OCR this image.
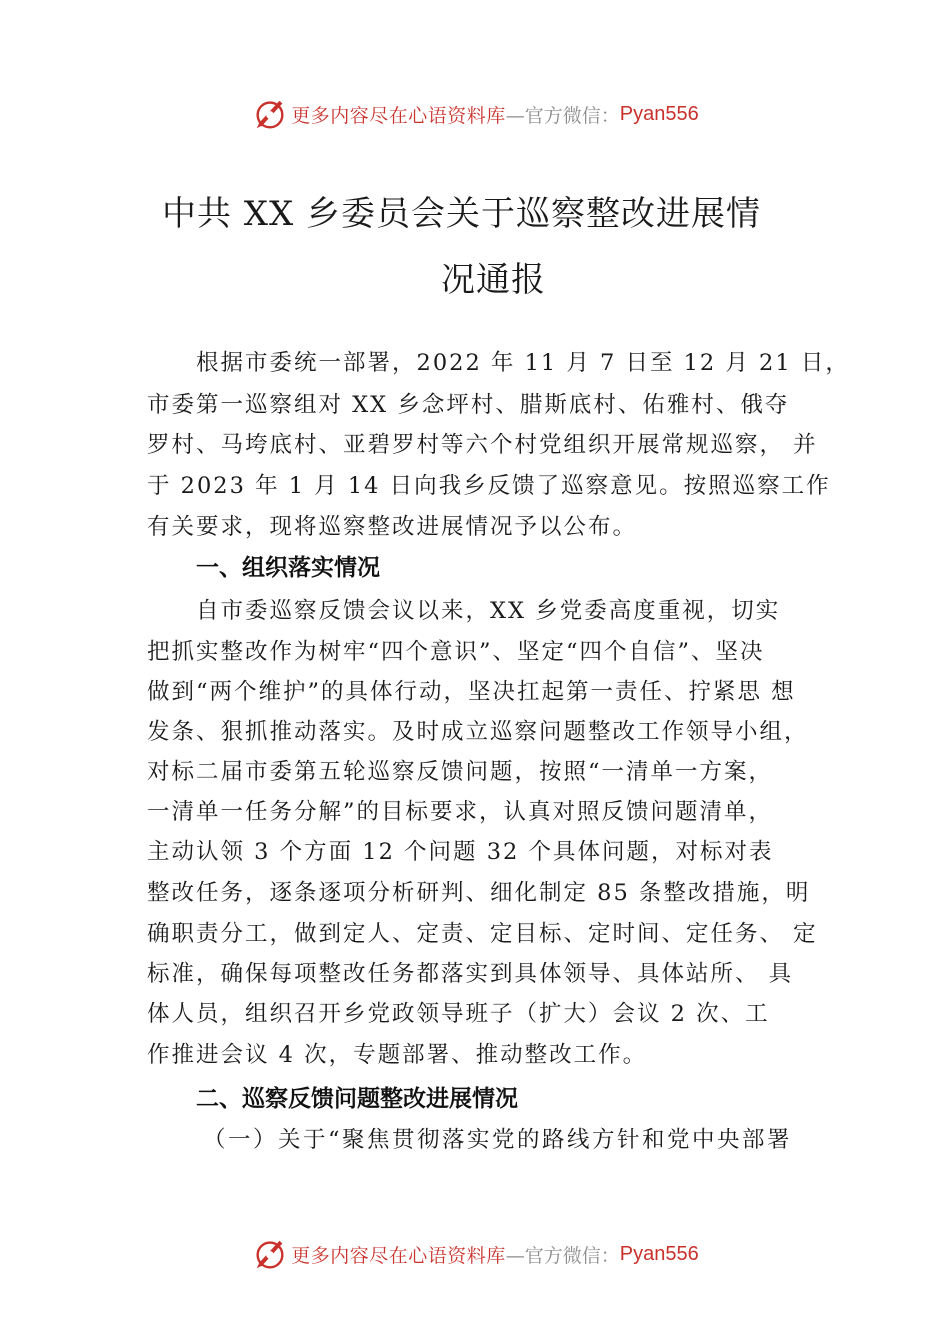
更多内容尽在心语资料库 —官方微信： Pyan556
中共 XX 乡委员会关于巡察整改进展情
况通报
根据市委统一部署，2022 年 11 月 7 日至 12 月 21 日，
市委第一巡察组对 XX 乡念坪村、腊斯底村、佑雅村、俄夺
罗村、马垮底村、亚碧罗村等六个村党组织开展常规巡察， 并
于 2023 年 1 月 14 日向我乡反馈了巡察意见。按照巡察工作
有关要求，现将巡察整改进展情况予以公布。
一、组织落实情况
自市委巡察反馈会议以来，XX 乡党委高度重视，切实
把抓实整改作为树牢“四个意识”、坚定“四个自信”、坚决
做到“两个维护”的具体行动，坚决扛起第一责任、拧紧思 想
发条、狠抓推动落实。及时成立巡察问题整改工作领导小组，
对标二届市委第五轮巡察反馈问题，按照“一清单一方案，
一清单一任务分解”的目标要求，认真对照反馈问题清单，
主动认领 3 个方面 12 个问题 32 个具体问题，对标对表
整改任务，逐条逐项分析研判、细化制定 85 条整改措施，明
确职责分工，做到定人、定责、定目标、定时间、定任务、 定
标准，确保每项整改任务都落实到具体领导、具体站所、 具
体人员，组织召开乡党政领导班子（扩大）会议 2 次、工
作推进会议 4 次，专题部署、推动整改工作。
二、巡察反馈问题整改进展情况
（一）关于“聚焦贯彻落实党的路线方针和党中央部署
更多内容尽在心语资料库 —官方微信： Pyan556
